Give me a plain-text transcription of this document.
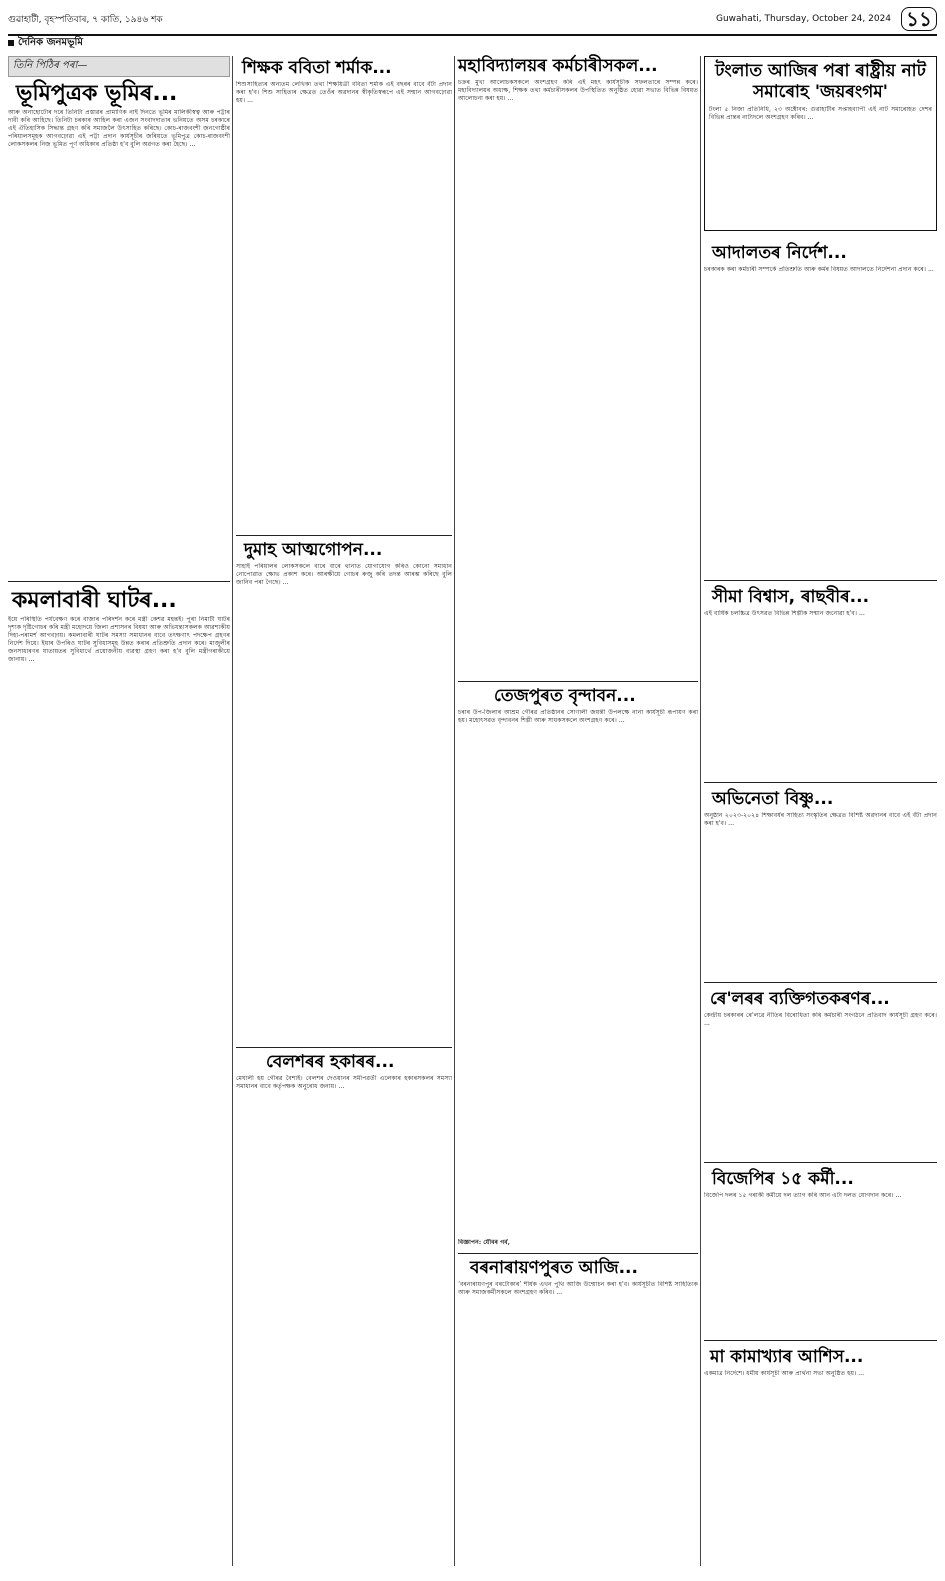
গুৱাহাটী, বৃহস্পতিবাৰ, ৭ কাতি, ১৯৪৬ শক	Guwahati, Thursday, October 24, 2024 ১১
দৈনিক জনমভূমি
তিনি পিঠিৰ পৰা—
ভূমিপুত্ৰক ভূমিৰ...
আৰু অনাহোটোৰ দৰে তিনিটা প্ৰস্তাৱৰ প্ৰামাণিক নাই দিনতে ভূমিৰ মালিকীস্বত্ব আৰু পট্টাৰ দাবী কৰি আহিছে। তিনিটা চৰকাৰ আহিল কৰা এজন সংবাদদাতাৰ ভনিয়তে অসম চৰকাৰে এই ঐতিহাসিক সিদ্ধান্ত গ্ৰহণ কৰি সমাজলৈ উৎসাহিত কৰিছে। কোচ-ৰাজবংশী জনগোষ্ঠীৰ পৰিয়ালসমূহক আগবঢ়োৱা এই পট্টা প্ৰদান কাৰ্যসূচীৰ জৰিয়তে ভূমিপুত্ৰ কোচ-ৰাজবংশী লোকসকলৰ নিজ ভূমিত পূৰ্ণ অধিকাৰ প্ৰতিষ্ঠা হ'ব বুলি অৱগত কৰা হৈছে। ...
কমলাবাৰী ঘাটৰ...
ইয়ে পৰিস্থিতি পৰ্যবেক্ষণ কৰে বাজাৰ পৰিদৰ্শন কৰে মন্ত্ৰী কেশৱ মহন্তই। পুৰা নিমাটী ঘাটৰ দৃশ্যক দৃষ্টিগোচৰ কৰি মন্ত্ৰী মহোদয়ে জিলা প্ৰশাসনৰ বিষয়া আৰু অভিযন্তাসকলক আৱশ্যকীয় দিহা-পৰামৰ্শ আগবঢ়ায়। কমলাবাৰী ঘাটৰ সমস্যা সমাধানৰ বাবে তৎক্ষণাৎ পদক্ষেপ গ্ৰহণৰ নিৰ্দেশ দিয়ে। ইয়াৰ উপৰিও ঘাটৰ সুবিধাসমূহ উন্নত কৰাৰ প্ৰতিশ্ৰুতি প্ৰদান কৰে। মাজুলীৰ জনসাধাৰণৰ যাতায়তৰ সুবিধাৰ্থে প্ৰয়োজনীয় ব্যৱস্থা গ্ৰহণ কৰা হ'ব বুলি মন্ত্ৰীগৰাকীয়ে জানায়। ...
শিক্ষক ববিতা শৰ্মাক...
শিশুসাহিত্যৰ অন্যতম লেখিকা তথা শিক্ষয়িত্ৰী ববিতা শৰ্মাক এই বছৰৰ বাবে বঁটা প্ৰদান কৰা হ'ব। শিশু সাহিত্যৰ ক্ষেত্ৰত তেওঁৰ অৱদানৰ স্বীকৃতিস্বৰূপে এই সন্মান আগবঢ়োৱা হয়। ...
দুমাহ আত্মগোপন...
সাহাই পৰিয়ালৰ লোকসকলে বাৰে বাৰে থানাত যোগাযোগ কৰিও কোনো সমাধান নোপোৱাত ক্ষোভ প্ৰকাশ কৰে। আৰক্ষীয়ে গোচৰ ৰুজু কৰি তদন্ত আৰম্ভ কৰিছে বুলি জানিব পৰা গৈছে। ...
বেলশৰৰ হকাৰৰ...
মেঘালী হয় গৌৰৱ বৈশ্যই। বেলশৰ দেওয়ানৰ সমীপৱৰ্তী এলেকাৰ হকাৰসকলৰ সমস্যা সমাধানৰ বাবে কৰ্তৃপক্ষক অনুৰোধ জনায়। ...
মহাবিদ্যালয়ৰ কৰ্মচাৰীসকল...
চক্ৰৰ মুখ্য আলোচকসকলে অংশগ্ৰহণ কৰি এই মহৎ কাৰ্যসূচীক সফলতাৰে সম্পন্ন কৰে। মহাবিদ্যালয়ৰ অধ্যক্ষ, শিক্ষক তথা কৰ্মচাৰীসকলৰ উপস্থিতিত অনুষ্ঠিত হোৱা সভাত বিভিন্ন বিষয়ত আলোচনা কৰা হয়। ...
তেজপুৰত বৃন্দাবন...
চৰাৰ উপ-জিলাৰ আশ্ৰম গৌৰৱ প্ৰতিষ্ঠানৰ সোণালী জয়ন্তী উপলক্ষে নানা কাৰ্যসূচী ৰূপায়ণ কৰা হয়। মহোৎসৱত বৃন্দাবনৰ শিল্পী আৰু সাধকসকলে অংশগ্ৰহণ কৰে। ...
বিজ্ঞাপন: যৌবৰ গৰ্ব,
বৰনাৰায়ণপুৰত আজি...
‘বৰনাৰায়ণপুৰ বৰটোকাৰ’ শীৰ্ষক এখন পুথি আজি উন্মোচন কৰা হ'ব। কাৰ্যসূচীত বিশিষ্ট সাহিত্যিক আৰু সমাজকৰ্মীসকলে অংশগ্ৰহণ কৰিব। ...
টংলাত আজিৰ পৰা ৰাষ্ট্ৰীয় নাট সমাৰোহ 'জয়ৰংগম'
টংলা ৫ নিজা প্ৰতিনিধি, ২৩ অক্টোবৰ: গুৱাহাটীৰ সপ্তাহব্যাপী এই নাট সমাৰোহত দেশৰ বিভিন্ন প্ৰান্তৰ নাট্যদলে অংশগ্ৰহণ কৰিব। ...
আদালতৰ নিৰ্দেশ...
চৰকাৰক কৰা কৰ্মচাৰী সম্পৰ্কে প্ৰতিশ্ৰুতি আৰু কৰ্মৰ বিষয়ত আদালতে নিৰ্দেশনা প্ৰদান কৰে। ...
সীমা বিশ্বাস, ৰাছবীৰ...
এই বাৰ্ষিক চলচ্চিত্ৰ উৎসৱত বিভিন্ন শিল্পীক সন্মান জনোৱা হ'ব। ...
অভিনেতা বিষ্ণু...
অনুষ্ঠান ২০২৩-২০২৪ শিক্ষাবৰ্ষৰ সাহিত্য সংস্কৃতিৰ ক্ষেত্ৰত বিশিষ্ট অৱদানৰ বাবে এই বঁটা প্ৰদান কৰা হ'ব। ...
ৰে'লৰৰ ব্যক্তিগতকৰণৰ...
কেন্দ্ৰীয় চৰকাৰৰ ৰে'লৱে নীতিৰ বিৰোধিতা কৰি কৰ্মচাৰী সংগঠনে প্ৰতিবাদ কাৰ্যসূচী গ্ৰহণ কৰে। ...
বিজেপিৰ ১৫ কৰ্মী...
বিজেপি দলৰ ১৫ গৰাকী কৰ্মীয়ে দল ত্যাগ কৰি আন এটা দলত যোগদান কৰে। ...
মা কামাখ্যাৰ আশিস...
একমাত্ৰ নিৰ্দেশে। ধৰ্মীয় কাৰ্যসূচী আৰু প্ৰাৰ্থনা সভা অনুষ্ঠিত হয়। ...
